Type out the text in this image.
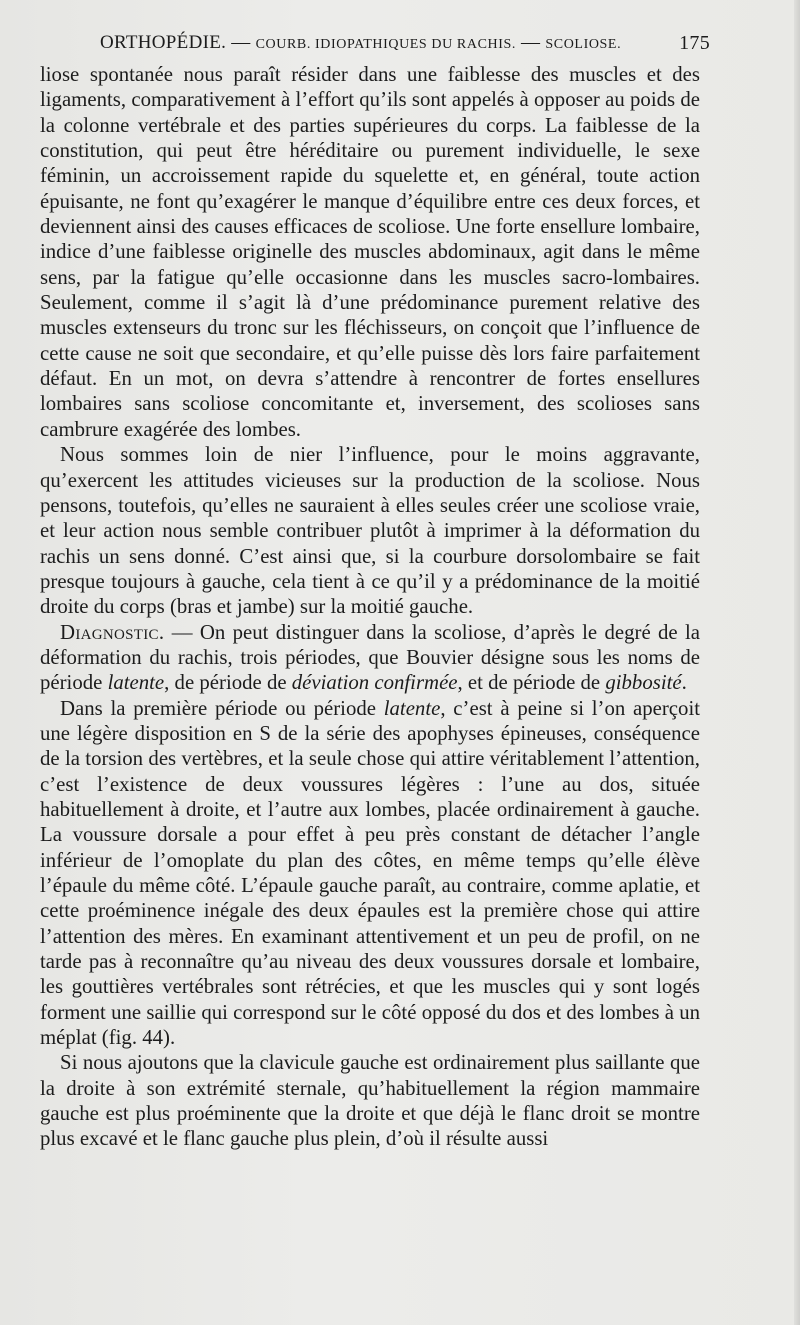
ORTHOPÉDIE. — COURB. IDIOPATHIQUES DU RACHIS. — SCOLIOSE.	175

liose spontanée nous paraît résider dans une faiblesse des muscles et des ligaments, comparativement à l’effort qu’ils sont appelés à opposer au poids de la colonne vertébrale et des parties supérieures du corps. La faiblesse de la constitution, qui peut être héréditaire ou purement individuelle, le sexe féminin, un accroissement rapide du squelette et, en général, toute action épuisante, ne font qu’exagérer le manque d’équilibre entre ces deux forces, et deviennent ainsi des causes efficaces de scoliose. Une forte ensellure lombaire, indice d’une faiblesse originelle des muscles abdominaux, agit dans le même sens, par la fatigue qu’elle occasionne dans les muscles sacro-lombaires. Seulement, comme il s’agit là d’une prédominance purement relative des muscles extenseurs du tronc sur les fléchisseurs, on conçoit que l’influence de cette cause ne soit que secondaire, et qu’elle puisse dès lors faire parfaitement défaut. En un mot, on devra s’attendre à rencontrer de fortes ensellures lombaires sans scoliose concomitante et, inversement, des scolioses sans cambrure exagérée des lombes.

Nous sommes loin de nier l’influence, pour le moins aggravante, qu’exercent les attitudes vicieuses sur la production de la scoliose. Nous pensons, toutefois, qu’elles ne sauraient à elles seules créer une scoliose vraie, et leur action nous semble contribuer plutôt à imprimer à la déformation du rachis un sens donné. C’est ainsi que, si la courbure dorsolombaire se fait presque toujours à gauche, cela tient à ce qu’il y a prédominance de la moitié droite du corps (bras et jambe) sur la moitié gauche.

Diagnostic. — On peut distinguer dans la scoliose, d’après le degré de la déformation du rachis, trois périodes, que Bouvier désigne sous les noms de période latente, de période de déviation confirmée, et de période de gibbosité.

Dans la première période ou période latente, c’est à peine si l’on aperçoit une légère disposition en S de la série des apophyses épineuses, conséquence de la torsion des vertèbres, et la seule chose qui attire véritablement l’attention, c’est l’existence de deux voussures légères : l’une au dos, située habituellement à droite, et l’autre aux lombes, placée ordinairement à gauche. La voussure dorsale a pour effet à peu près constant de détacher l’angle inférieur de l’omoplate du plan des côtes, en même temps qu’elle élève l’épaule du même côté. L’épaule gauche paraît, au contraire, comme aplatie, et cette proéminence inégale des deux épaules est la première chose qui attire l’attention des mères. En examinant attentivement et un peu de profil, on ne tarde pas à reconnaître qu’au niveau des deux voussures dorsale et lombaire, les gouttières vertébrales sont rétrécies, et que les muscles qui y sont logés forment une saillie qui correspond sur le côté opposé du dos et des lombes à un méplat (fig. 44).

Si nous ajoutons que la clavicule gauche est ordinairement plus saillante que la droite à son extrémité sternale, qu’habituellement la région mammaire gauche est plus proéminente que la droite et que déjà le flanc droit se montre plus excavé et le flanc gauche plus plein, d’où il résulte aussi
